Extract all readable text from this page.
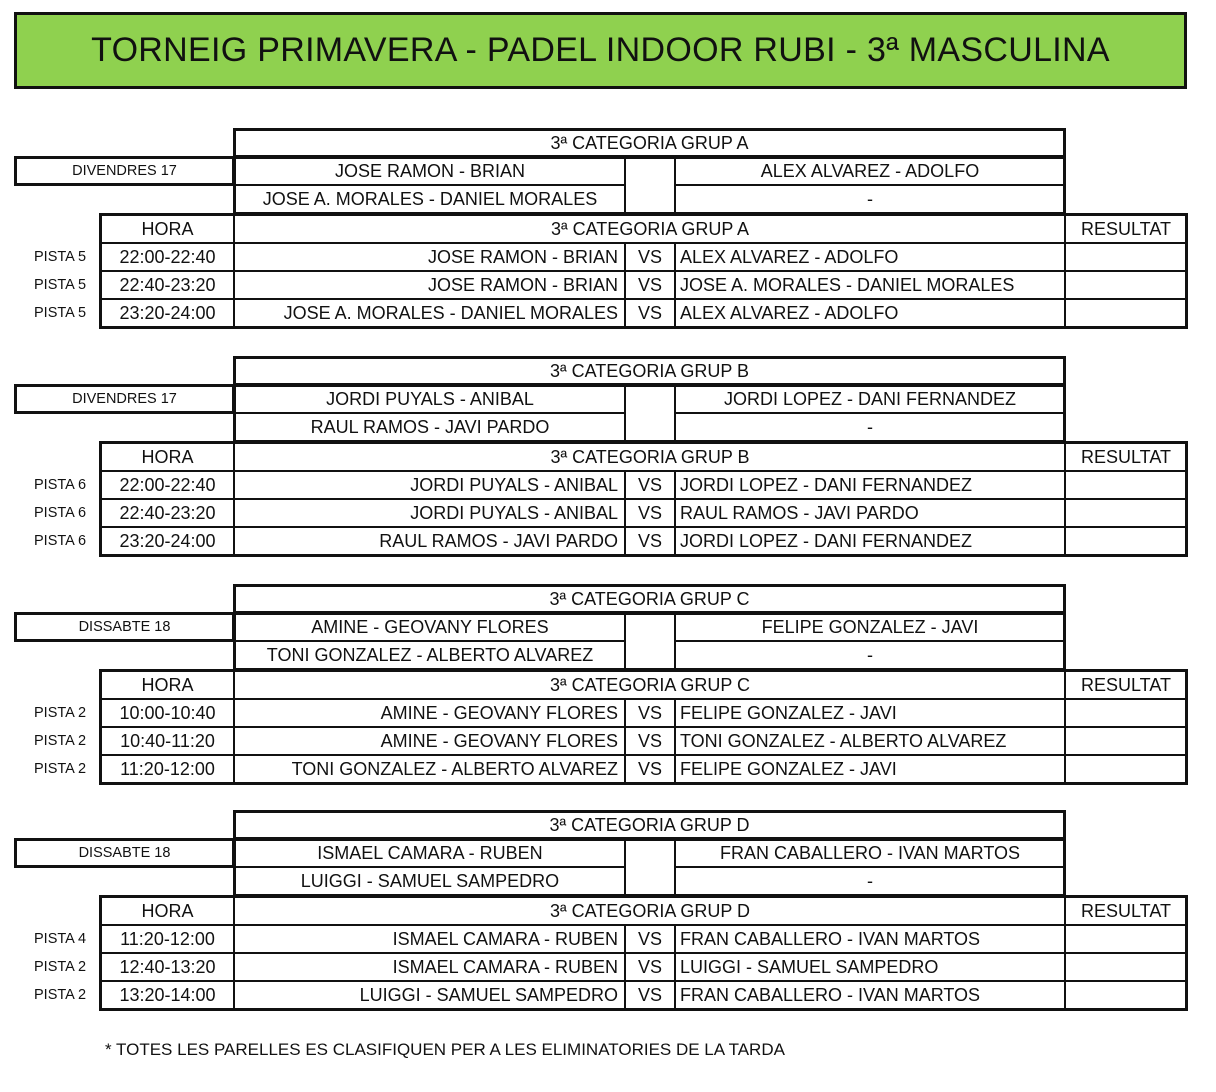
TORNEIG PRIMAVERA - PADEL INDOOR RUBI - 3ª MASCULINA
3ª CATEGORIA GRUP A
DIVENDRES 17	JOSE RAMON - BRIAN	ALEX ALVAREZ - ADOLFO
JOSE A. MORALES - DANIEL MORALES	-
HORA	3ª CATEGORIA GRUP A	RESULTAT
PISTA 5	22:00-22:40	JOSE RAMON - BRIAN	VS	ALEX ALVAREZ - ADOLFO
PISTA 5	22:40-23:20	JOSE RAMON - BRIAN	VS	JOSE A. MORALES - DANIEL MORALES
PISTA 5	23:20-24:00	JOSE A. MORALES - DANIEL MORALES	VS	ALEX ALVAREZ - ADOLFO
3ª CATEGORIA GRUP B
DIVENDRES 17	JORDI PUYALS - ANIBAL	JORDI LOPEZ - DANI FERNANDEZ
RAUL RAMOS - JAVI PARDO	-
HORA	3ª CATEGORIA GRUP B	RESULTAT
PISTA 6	22:00-22:40	JORDI PUYALS - ANIBAL	VS	JORDI LOPEZ - DANI FERNANDEZ
PISTA 6	22:40-23:20	JORDI PUYALS - ANIBAL	VS	RAUL RAMOS - JAVI PARDO
PISTA 6	23:20-24:00	RAUL RAMOS - JAVI PARDO	VS	JORDI LOPEZ - DANI FERNANDEZ
3ª CATEGORIA GRUP C
DISSABTE 18	AMINE - GEOVANY FLORES	FELIPE GONZALEZ - JAVI
TONI GONZALEZ - ALBERTO ALVAREZ	-
HORA	3ª CATEGORIA GRUP C	RESULTAT
PISTA 2	10:00-10:40	AMINE - GEOVANY FLORES	VS	FELIPE GONZALEZ - JAVI
PISTA 2	10:40-11:20	AMINE - GEOVANY FLORES	VS	TONI GONZALEZ - ALBERTO ALVAREZ
PISTA 2	11:20-12:00	TONI GONZALEZ - ALBERTO ALVAREZ	VS	FELIPE GONZALEZ - JAVI
3ª CATEGORIA GRUP D
DISSABTE 18	ISMAEL CAMARA - RUBEN	FRAN CABALLERO - IVAN MARTOS
LUIGGI - SAMUEL SAMPEDRO	-
HORA	3ª CATEGORIA GRUP D	RESULTAT
PISTA 4	11:20-12:00	ISMAEL CAMARA - RUBEN	VS	FRAN CABALLERO - IVAN MARTOS
PISTA 2	12:40-13:20	ISMAEL CAMARA - RUBEN	VS	LUIGGI - SAMUEL SAMPEDRO
PISTA 2	13:20-14:00	LUIGGI - SAMUEL SAMPEDRO	VS	FRAN CABALLERO - IVAN MARTOS
* TOTES LES PARELLES ES CLASIFIQUEN PER A LES ELIMINATORIES DE LA TARDA
